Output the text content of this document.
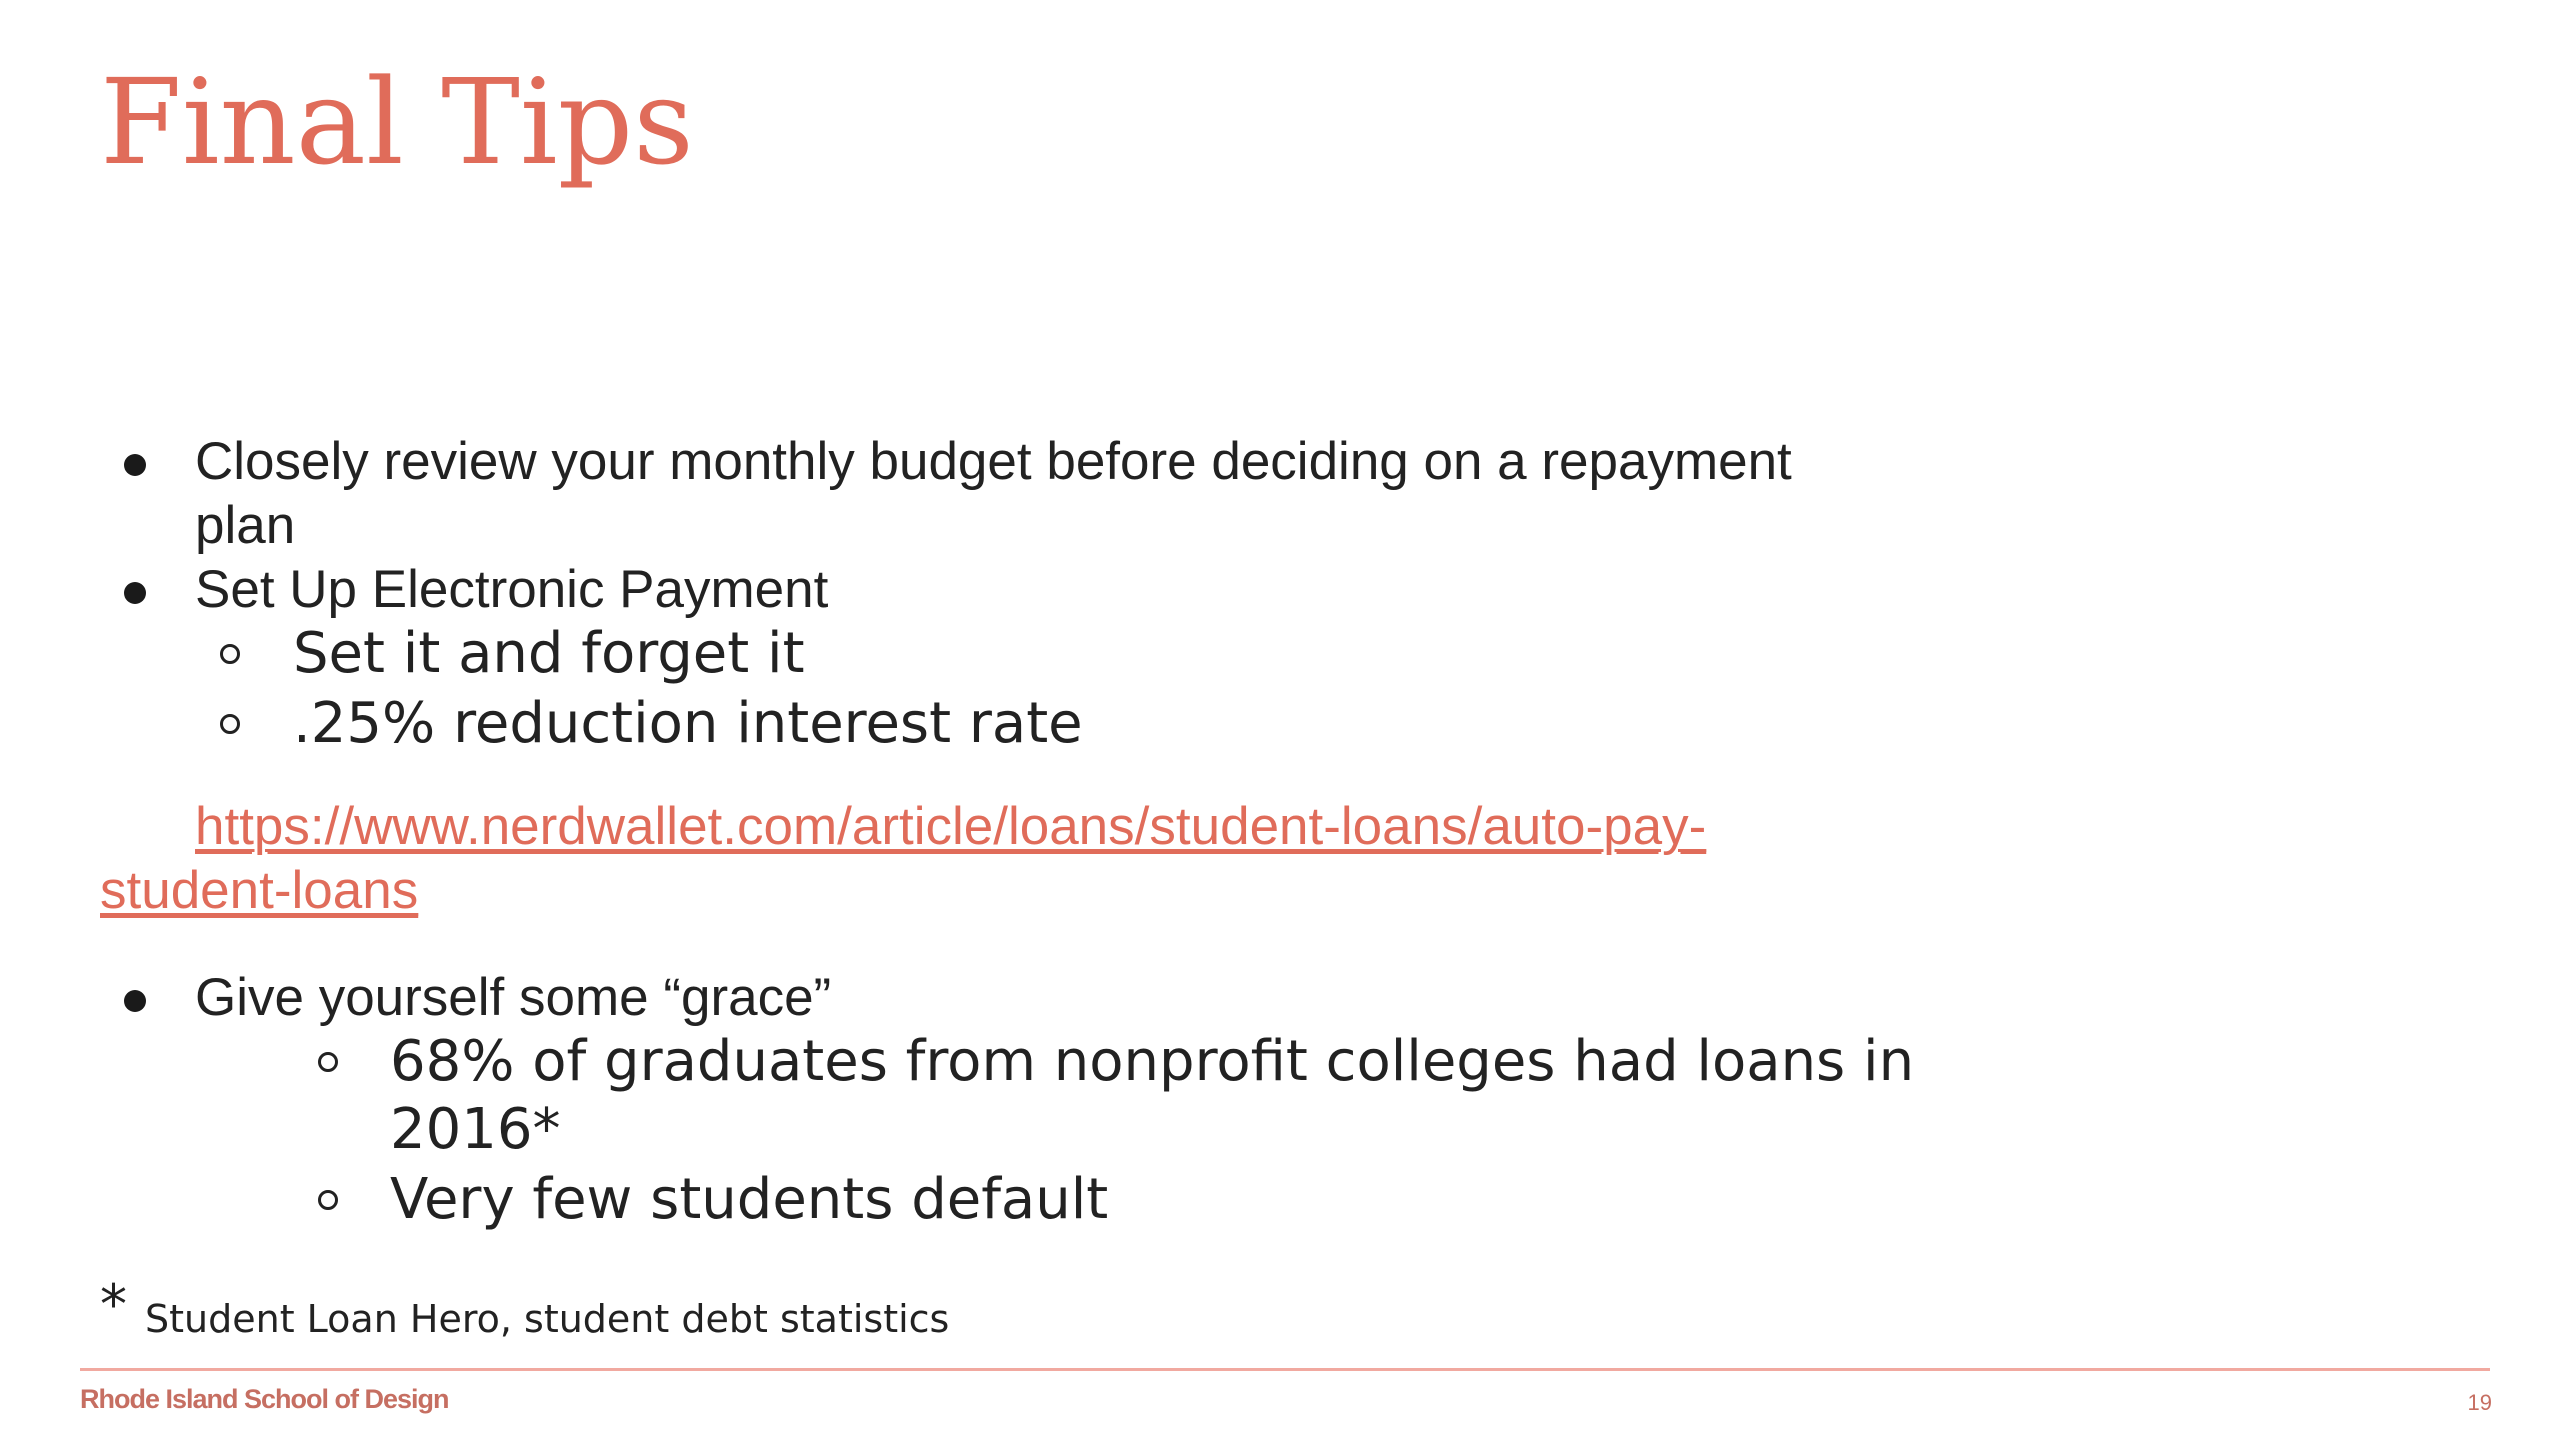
Final Tips
Closely review your monthly budget before deciding on a repayment
plan
Set Up Electronic Payment
Set it and forget it
.25% reduction interest rate

https://www.nerdwallet.com/article/loans/student-loans/auto-pay-student-loans

Give yourself some “grace”
68% of graduates from nonprofit colleges had loans in
2016*
Very few students default
* Student Loan Hero, student debt statistics
Rhode Island School of Design	19
